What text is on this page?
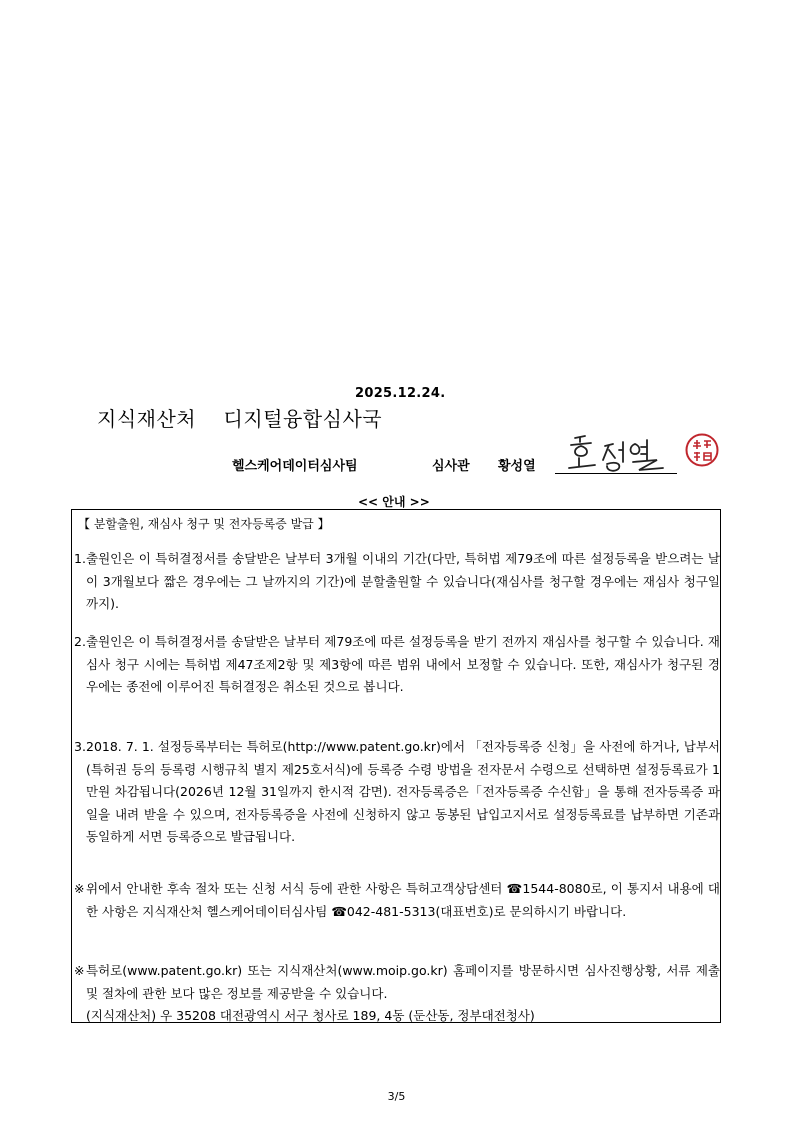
2025.12.24.
지식재산처    디지털융합심사국
헬스케어데이터심사팀	심사관 황성열
<< 안내 >>
【 분할출원, 재심사 청구 및 전자등록증 발급 】
1. 출원인은 이 특허결정서를 송달받은 날부터 3개월 이내의 기간(다만, 특허법 제79조에 따른 설정등록을 받으려는 날이 3개월보다 짧은 경우에는 그 날까지의 기간)에 분할출원할 수 있습니다(재심사를 청구할 경우에는 재심사 청구일까지).
2. 출원인은 이 특허결정서를 송달받은 날부터 제79조에 따른 설정등록을 받기 전까지 재심사를 청구할 수 있습니다. 재심사 청구 시에는 특허법 제47조제2항 및 제3항에 따른 범위 내에서 보정할 수 있습니다. 또한, 재심사가 청구된 경우에는 종전에 이루어진 특허결정은 취소된 것으로 봅니다.
3. 2018. 7. 1. 설정등록부터는 특허로(http://www.patent.go.kr)에서 「전자등록증 신청」을 사전에 하거나, 납부서(특허권 등의 등록령 시행규칙 별지 제25호서식)에 등록증 수령 방법을 전자문서 수령으로 선택하면 설정등록료가 1만원 차감됩니다(2026년 12월 31일까지 한시적 감면). 전자등록증은「전자등록증 수신함」을 통해 전자등록증 파일을 내려 받을 수 있으며, 전자등록증을 사전에 신청하지 않고 동봉된 납입고지서로 설정등록료를 납부하면 기존과 동일하게 서면 등록증으로 발급됩니다.
※ 위에서 안내한 후속 절차 또는 신청 서식 등에 관한 사항은 특허고객상담센터 ☎1544-8080로, 이 통지서 내용에 대한 사항은 지식재산처 헬스케어데이터심사팀 ☎042-481-5313(대표번호)로 문의하시기 바랍니다.
※ 특허로(www.patent.go.kr) 또는 지식재산처(www.moip.go.kr) 홈페이지를 방문하시면 심사진행상황, 서류 제출 및 절차에 관한 보다 많은 정보를 제공받을 수 있습니다.
(지식재산처) 우 35208 대전광역시 서구 청사로 189, 4동 (둔산동, 정부대전청사)
3/5
